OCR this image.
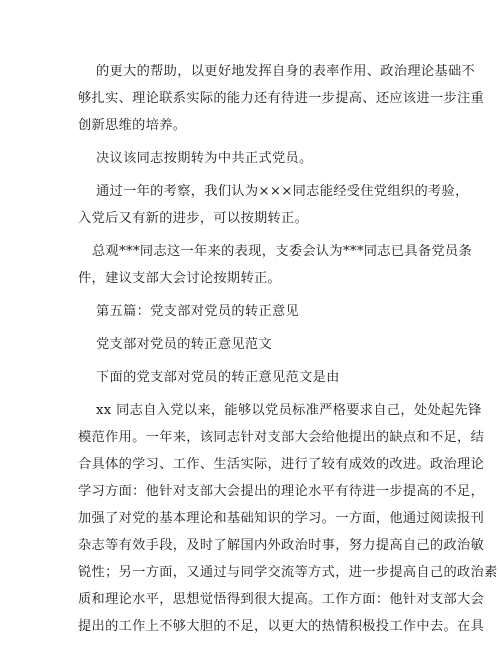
的更大的帮助，以更好地发挥自身的表率作用、政治理论基础不
够扎实、理论联系实际的能力还有待进一步提高、还应该进一步注重
创新思维的培养。
决议该同志按期转为中共正式党员。
通过一年的考察，我们认为×××同志能经受住党组织的考验，
入党后又有新的进步，可以按期转正。
总观***同志这一年来的表现，支委会认为***同志已具备党员条
件，建议支部大会讨论按期转正。
第五篇：党支部对党员的转正意见
党支部对党员的转正意见范文
下面的党支部对党员的转正意见范文是由
xx 同志自入党以来，能够以党员标准严格要求自己，处处起先锋
模范作用。一年来，该同志针对支部大会给他提出的缺点和不足，结
合具体的学习、工作、生活实际，进行了较有成效的改进。政治理论
学习方面：他针对支部大会提出的理论水平有待进一步提高的不足，
加强了对党的基本理论和基础知识的学习。一方面，他通过阅读报刊
杂志等有效手段，及时了解国内外政治时事，努力提高自己的政治敏
锐性；另一方面，又通过与同学交流等方式，进一步提高自己的政治素
质和理论水平，思想觉悟得到很大提高。工作方面：他针对支部大会
提出的工作上不够大胆的不足，以更大的热情积极投工作中去。在具
